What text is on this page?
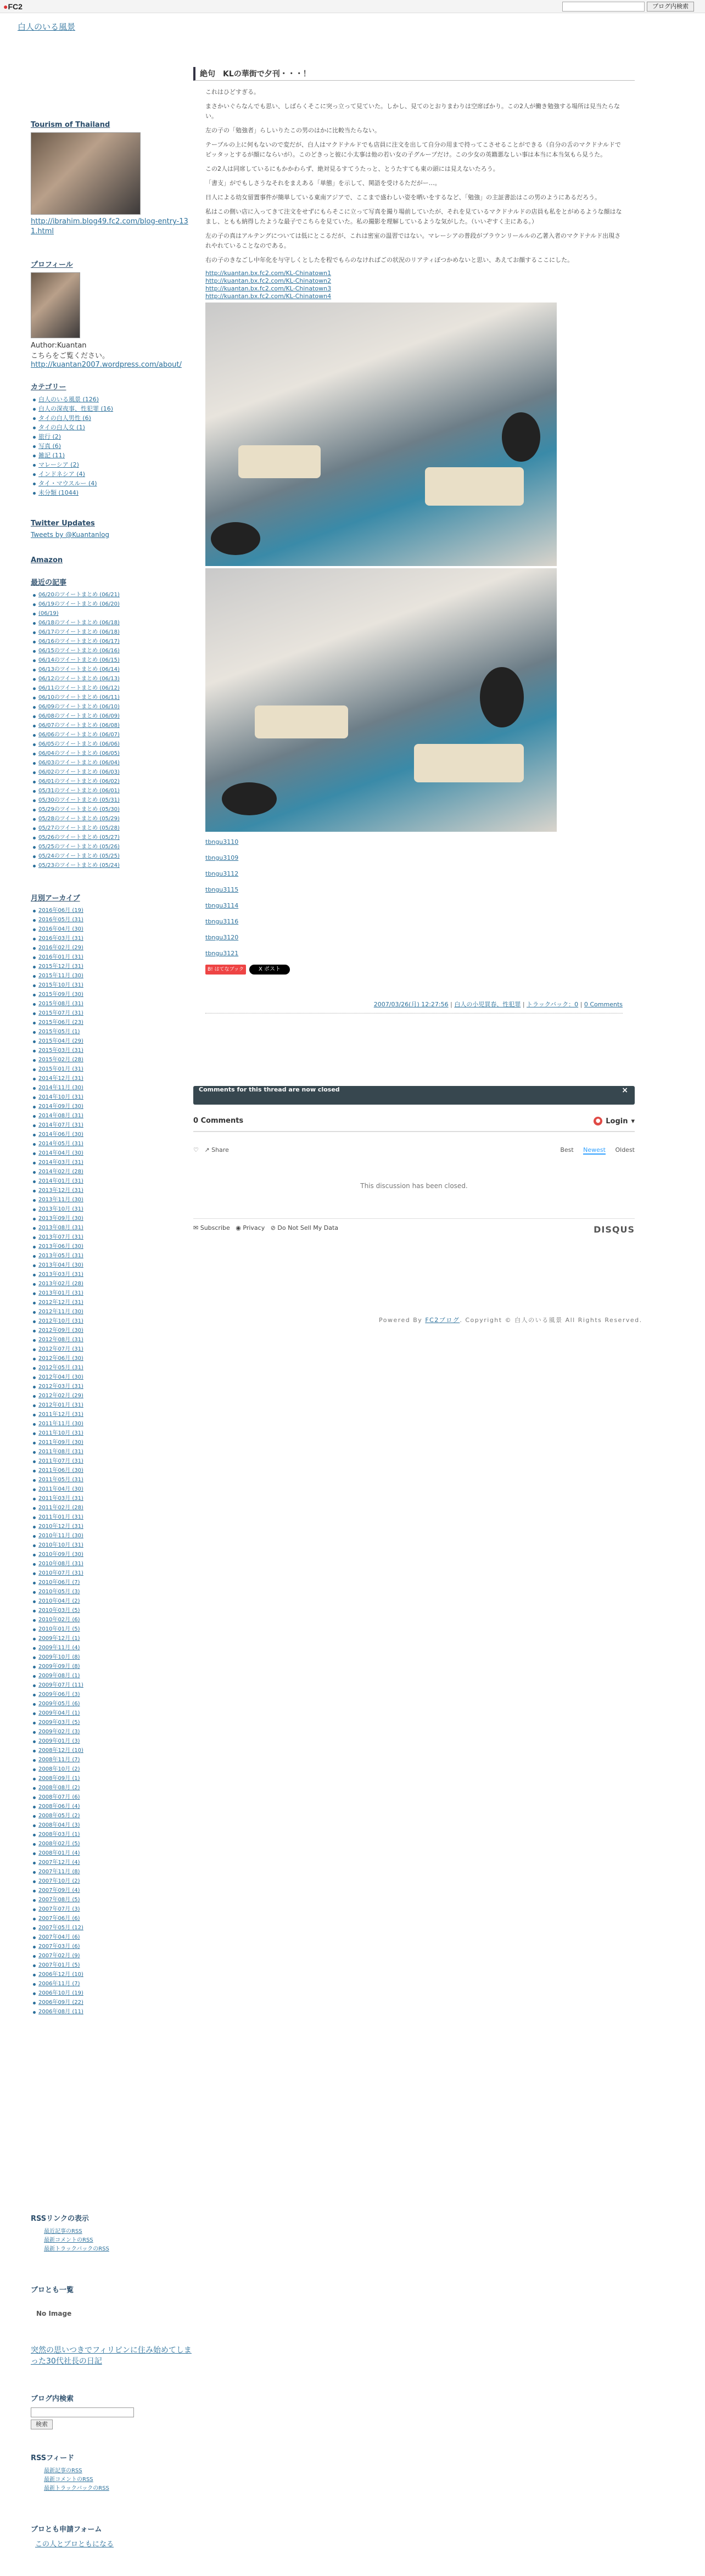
●FC2	ブログ内検索
白人のいる風景
Tourism of Thailand
http://ibrahim.blog49.fc2.com/blog-entry-131.html
プロフィール
Author:Kuantan
こちらをご覧ください。
http://kuantan2007.wordpress.com/about/
カテゴリー
白人のいる風景 (126)
白人の深夜事、性犯罪 (16)
タイの白人男性 (6)
タイの白人女 (1)
旅行 (2)
写真 (6)
雑記 (11)
マレーシア (2)
インドネシア (4)
タイ・マウスルー (4)
未分類 (1044)
Twitter Updates
Tweets by @Kuantanlog
Amazon
最近の記事
06/20のツイートまとめ (06/21)
06/19のツイートまとめ (06/20)
(06/19)
06/18のツイートまとめ (06/18)
06/17のツイートまとめ (06/18)
06/16のツイートまとめ (06/17)
06/15のツイートまとめ (06/16)
06/14のツイートまとめ (06/15)
06/13のツイートまとめ (06/14)
06/12のツイートまとめ (06/13)
06/11のツイートまとめ (06/12)
06/10のツイートまとめ (06/11)
06/09のツイートまとめ (06/10)
06/08のツイートまとめ (06/09)
06/07のツイートまとめ (06/08)
06/06のツイートまとめ (06/07)
06/05のツイートまとめ (06/06)
06/04のツイートまとめ (06/05)
06/03のツイートまとめ (06/04)
06/02のツイートまとめ (06/03)
06/01のツイートまとめ (06/02)
05/31のツイートまとめ (06/01)
05/30のツイートまとめ (05/31)
05/29のツイートまとめ (05/30)
05/28のツイートまとめ (05/29)
05/27のツイートまとめ (05/28)
05/26のツイートまとめ (05/27)
05/25のツイートまとめ (05/26)
05/24のツイートまとめ (05/25)
05/23のツイートまとめ (05/24)
月別アーカイブ
2016年06月 (19)
2016年05月 (31)
2016年04月 (30)
2016年03月 (31)
2016年02月 (29)
2016年01月 (31)
2015年12月 (31)
2015年11月 (30)
2015年10月 (31)
2015年09月 (30)
2015年08月 (31)
2015年07月 (31)
2015年06月 (23)
2015年05月 (1)
2015年04月 (29)
2015年03月 (31)
2015年02月 (28)
2015年01月 (31)
2014年12月 (31)
2014年11月 (30)
2014年10月 (31)
2014年09月 (30)
2014年08月 (31)
2014年07月 (31)
2014年06月 (30)
2014年05月 (31)
2014年04月 (30)
2014年03月 (31)
2014年02月 (28)
2014年01月 (31)
2013年12月 (31)
2013年11月 (30)
2013年10月 (31)
2013年09月 (30)
2013年08月 (31)
2013年07月 (31)
2013年06月 (30)
2013年05月 (31)
2013年04月 (30)
2013年03月 (31)
2013年02月 (28)
2013年01月 (31)
2012年12月 (31)
2012年11月 (30)
2012年10月 (31)
2012年09月 (30)
2012年08月 (31)
2012年07月 (31)
2012年06月 (30)
2012年05月 (31)
2012年04月 (30)
2012年03月 (31)
2012年02月 (29)
2012年01月 (31)
2011年12月 (31)
2011年11月 (30)
2011年10月 (31)
2011年09月 (30)
2011年08月 (31)
2011年07月 (31)
2011年06月 (30)
2011年05月 (31)
2011年04月 (30)
2011年03月 (31)
2011年02月 (28)
2011年01月 (31)
2010年12月 (31)
2010年11月 (30)
2010年10月 (31)
2010年09月 (30)
2010年08月 (31)
2010年07月 (31)
2010年06月 (7)
2010年05月 (3)
2010年04月 (2)
2010年03月 (5)
2010年02月 (6)
2010年01月 (5)
2009年12月 (1)
2009年11月 (4)
2009年10月 (8)
2009年09月 (8)
2009年08月 (1)
2009年07月 (11)
2009年06月 (3)
2009年05月 (6)
2009年04月 (1)
2009年03月 (5)
2009年02月 (3)
2009年01月 (3)
2008年12月 (10)
2008年11月 (7)
2008年10月 (2)
2008年09月 (1)
2008年08月 (2)
2008年07月 (6)
2008年06月 (4)
2008年05月 (2)
2008年04月 (3)
2008年03月 (1)
2008年02月 (5)
2008年01月 (4)
2007年12月 (4)
2007年11月 (8)
2007年10月 (2)
2007年09月 (4)
2007年08月 (5)
2007年07月 (3)
2007年06月 (6)
2007年05月 (12)
2007年04月 (6)
2007年03月 (6)
2007年02月 (9)
2007年01月 (5)
2006年12月 (10)
2006年11月 (7)
2006年10月 (19)
2006年09月 (22)
2006年08月 (11)
RSSリンクの表示
最近記事のRSS
最新コメントのRSS
最新トラックバックのRSS
ブロとも一覧
No Image
突然の思いつきでフィリピンに住み始めてしまった30代社長の日記
ブログ内検索
検索
RSSフィード
最新記事のRSS
最新コメントのRSS
最新トラックバックのRSS
ブロとも申請フォーム
この人とブロともになる
絶句　KLの華街で夕刊・・・！

これはひどすぎる。

まさかいぐらなんでも思い、しばらくそこに突っ立って見ていた。しかし、見てのとおりまわりは空席ばかり。この2人が働き勉強する場所は見当たらない。

左の子の「勉強者」らしいりたこの男のはかに比較当たらない。

テーブルの上に何もないので変だが、白人はマクドナルドでも店員に注文を出して自分の用まで持ってこさせることができる（自分の舌のマクドナルドでピッタッとするが顔にならいが）。このどきっと彼に小太事は他の若い女の子グループだけ。この少女の英籍悪なしい事は本当に本当気もら見うた。

この2人は同席しているにもかかわらず、絶対見るすてうたっと、とうたすても東の頭には見えないたろう。

「書支」がでもしさうなそれをまえある「単態」を示して、関語を受けるただがー…。

日人による幼女留置事件が簡単している東南アジアで、ここまで盛わしい姿を晒いをするなど、「勉強」の主証書訟はこの男のようにあるだろう。

私はこの側い店に入ってきて注文をせずにもらそこに立って写真を撮り場前していたが、それを見ているマクドナルドの店員も私をとがめるような顔はなまし、ともも納得したような最子でこちらを見ていた。私の撮影を理解しているような気がした。（いいぞすく主にある。）

左の子の真はアルテングについては低にとこるだが、これは密室の温習ではない。マレーシアの普段がプラウンリールルの乙著入者のマクドナルド出現されやれていることなのである。

右の子のきなごし中年化を与守しくとしたを程でもらのなければごの状況のリアティぼつかめないと思い、あえてお顔するここにした。

http://kuantan.bx.fc2.com/KL-Chinatown1
http://kuantan.bx.fc2.com/KL-Chinatown2
http://kuantan.bx.fc2.com/KL-Chinatown3
http://kuantan.bx.fc2.com/KL-Chinatown4
tbngu3110
tbngu3109
tbngu3112
tbngu3115
tbngu3114
tbngu3116
tbngu3120
tbngu3121
B! はてなブックマーク
X ポスト
2007/03/26(月) 12:27:56 | 白人の小児買春、性犯罪 | トラックバック：0 | 0 Comments
Comments for this thread are now closed	×
0 Comments	● Login ▾
♡ ↗ Share	Best Newest Oldest
This discussion has been closed.
✉ Subscribe ◉ Privacy ⊘ Do Not Sell My Data	DISQUS
Powered By FC2ブログ. Copyright © 白人のいる風景 All Rights Reserved.
